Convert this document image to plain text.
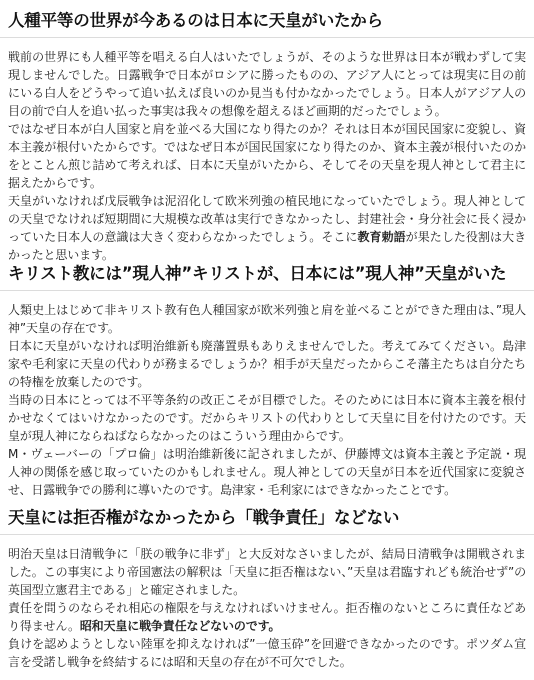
人種平等の世界が今あるのは日本に天皇がいたから

戦前の世界にも人種平等を唱える白人はいたでしょうが、そのような世界は日本が戦わずして実現しませんでした。日露戦争で日本がロシアに勝ったものの、アジア人にとっては現実に目の前にいる白人をどうやって追い払えば良いのか見当も付かなかったでしょう。日本人がアジア人の目の前で白人を追い払った事実は我々の想像を超えるほど画期的だったでしょう。

ではなぜ日本が白人国家と肩を並べる大国になり得たのか？それは日本が国民国家に変貌し、資本主義が根付いたからです。ではなぜ日本が国民国家になり得たのか、資本主義が根付いたのかをとことん煎じ詰めて考えれば、日本に天皇がいたから、そしてその天皇を現人神として君主に据えたからです。

天皇がいなければ戊辰戦争は泥沼化して欧米列強の植民地になっていたでしょう。現人神としての天皇でなければ短期間に大規模な改革は実行できなかったし、封建社会・身分社会に長く浸かっていた日本人の意識は大きく変わらなかったでしょう。そこに教育勅語が果たした役割は大きかったと思います。

キリスト教には”現人神”キリストが、日本には”現人神”天皇がいた

人類史上はじめて非キリスト教有色人種国家が欧米列強と肩を並べることができた理由は、”現人神”天皇の存在です。

日本に天皇がいなければ明治維新も廃藩置県もありえませんでした。考えてみてください。島津家や毛利家に天皇の代わりが務まるでしょうか？相手が天皇だったからこそ藩主たちは自分たちの特権を放棄したのです。

当時の日本にとっては不平等条約の改正こそが目標でした。そのためには日本に資本主義を根付かせなくてはいけなかったのです。だからキリストの代わりとして天皇に目を付けたのです。天皇が現人神にならねばならなかったのはこういう理由からです。

M・ヴェーバーの「プロ倫」は明治維新後に記されましたが、伊藤博文は資本主義と予定説・現人神の関係を感じ取っていたのかもしれません。現人神としての天皇が日本を近代国家に変貌させ、日露戦争での勝利に導いたのです。島津家・毛利家にはできなかったことです。

天皇には拒否権がなかったから「戦争責任」などない

明治天皇は日清戦争に「朕の戦争に非ず」と大反対なさいましたが、結局日清戦争は開戦されました。この事実により帝国憲法の解釈は「天皇に拒否権はない、”天皇は君臨すれども統治せず”の英国型立憲君主である」と確定されました。

責任を問うのならそれ相応の権限を与えなければいけません。拒否権のないところに責任などあり得ません。昭和天皇に戦争責任などないのです。

負けを認めようとしない陸軍を抑えなければ”一億玉砕”を回避できなかったのです。ポツダム宣言を受諾し戦争を終結するには昭和天皇の存在が不可欠でした。
